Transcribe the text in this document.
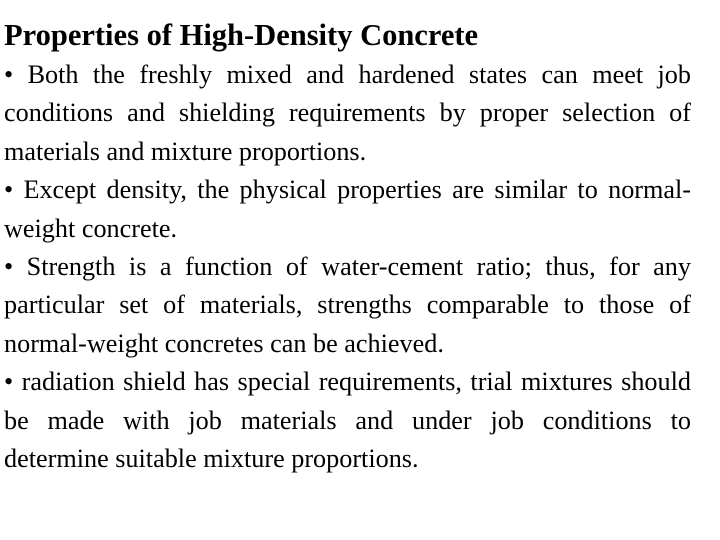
Properties of High-Density Concrete
• Both the freshly mixed and hardened states can meet job conditions and shielding requirements by proper selection of materials and mixture proportions.
• Except density, the physical properties are similar to normal-weight concrete.
• Strength is a function of water-cement ratio; thus, for any particular set of materials, strengths comparable to those of normal-weight concretes can be achieved.
• radiation shield has special requirements, trial mixtures should be made with job materials and under job conditions to determine suitable mixture proportions.
